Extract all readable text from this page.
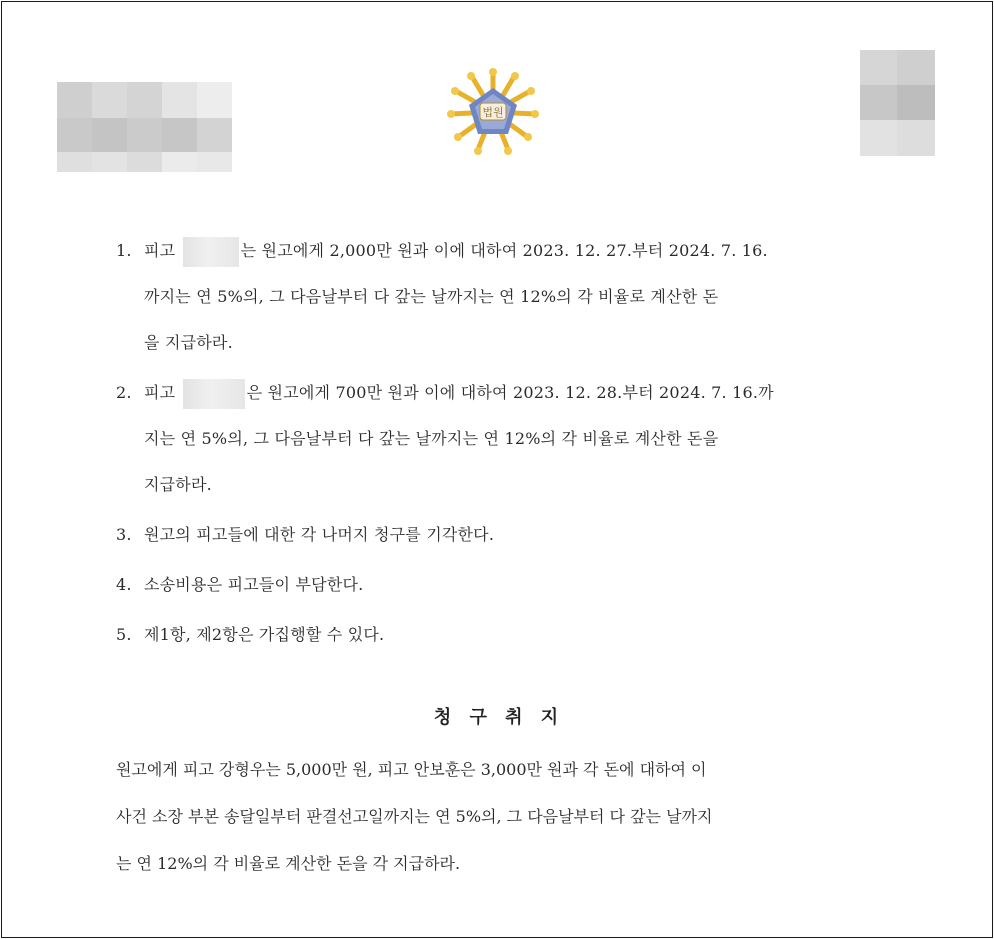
법원
1. 피고	는 원고에게 2,000만 원과 이에 대하여 2023. 12. 27.부터 2024. 7. 16.
까지는 연 5%의, 그 다음날부터 다 갚는 날까지는 연 12%의 각 비율로 계산한 돈
을 지급하라.
2. 피고	은 원고에게 700만 원과 이에 대하여 2023. 12. 28.부터 2024. 7. 16.까
지는 연 5%의, 그 다음날부터 다 갚는 날까지는 연 12%의 각 비율로 계산한 돈을
지급하라.
3. 원고의 피고들에 대한 각 나머지 청구를 기각한다.
4. 소송비용은 피고들이 부담한다.
5. 제1항, 제2항은 가집행할 수 있다.
청 구 취 지
원고에게 피고 강형우는 5,000만 원, 피고 안보훈은 3,000만 원과 각 돈에 대하여 이
사건 소장 부본 송달일부터 판결선고일까지는 연 5%의, 그 다음날부터 다 갚는 날까지
는 연 12%의 각 비율로 계산한 돈을 각 지급하라.
